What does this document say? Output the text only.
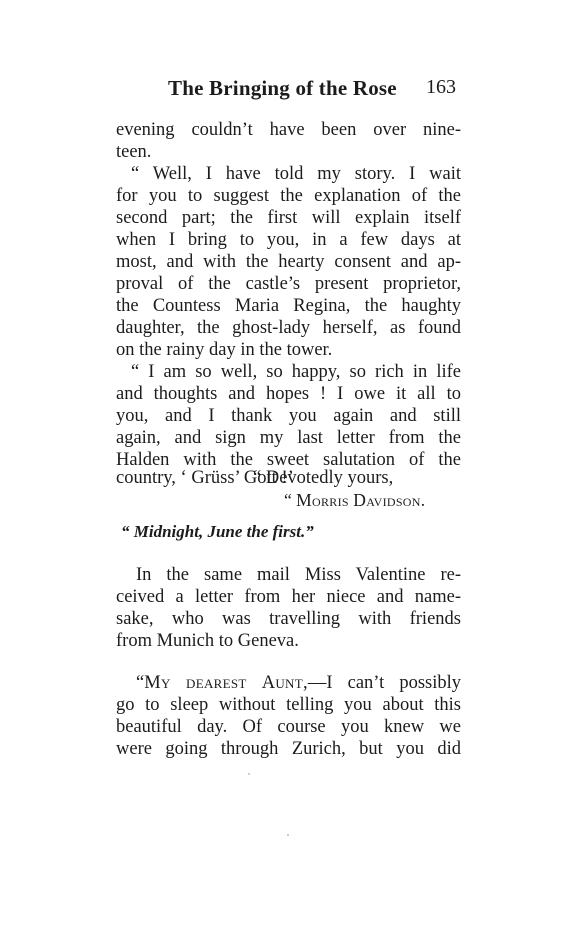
The Bringing of the Rose 163
evening couldn’t have been over nine-
teen.
“ Well, I have told my story. I wait
for you to suggest the explanation of the
second part; the first will explain itself
when I bring to you, in a few days at
most, and with the hearty consent and ap-
proval of the castle’s present proprietor,
the Countess Maria Regina, the haughty
daughter, the ghost-lady herself, as found
on the rainy day in the tower.
“ I am so well, so happy, so rich in life
and thoughts and hopes ! I owe it all to
you, and I thank you again and still
again, and sign my last letter from the
Halden with the sweet salutation of the
country, ‘ Grüss’ Gott !’
“ Devotedly yours,
“ Morris Davidson.
“ Midnight, June the first.”
In the same mail Miss Valentine re-
ceived a letter from her niece and name-
sake, who was travelling with friends
from Munich to Geneva.
“My dearest Aunt,—I can’t possibly
go to sleep without telling you about this
beautiful day. Of course you knew we
were going through Zurich, but you did
